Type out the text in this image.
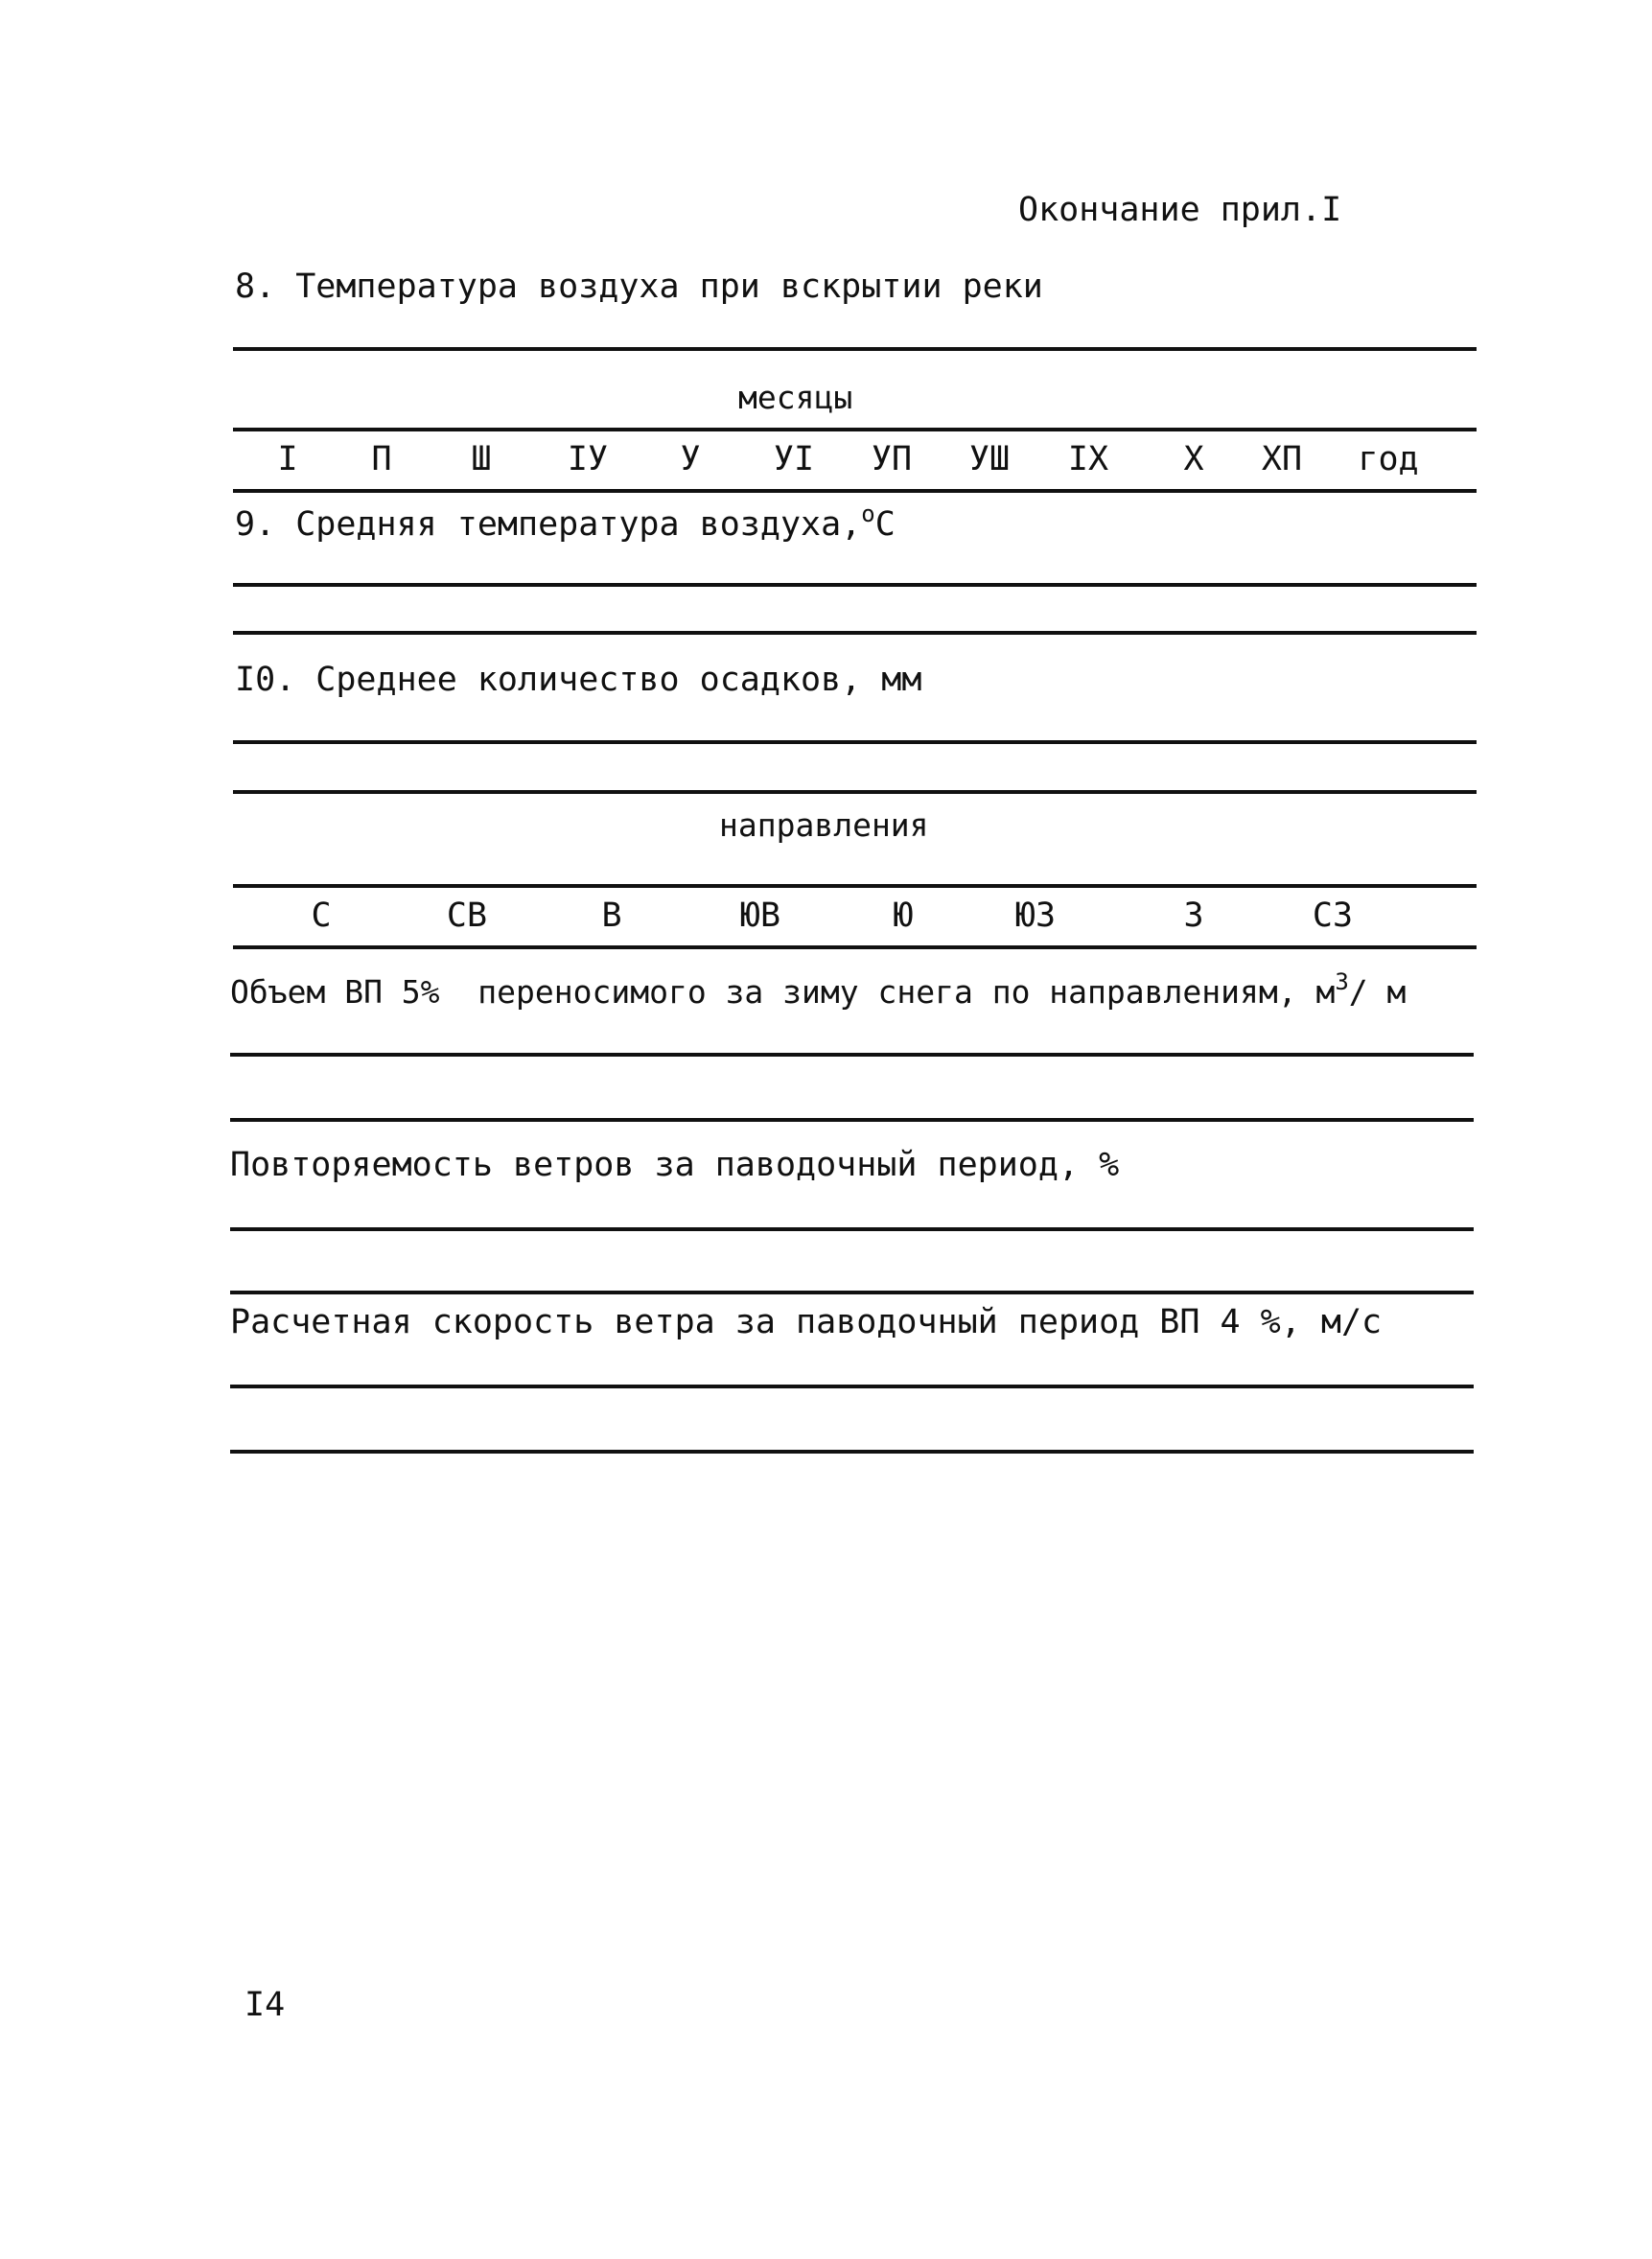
Окончание прил.I
8. Температура воздуха при вскрытии реки
месяцы
I П Ш IУ У УI УП УШ IX X ХП год
9. Средняя температура воздуха,$^о$С
I0. Среднее количество осадков, мм
направления
С	СВ	В	ЮВ	Ю	ЮЗ	З	СЗ
Объем ВП 5%  переносимого за зиму снега по направлениям, $м^3/$ м
Повторяемость ветров за паводочный период, %
Расчетная скорость ветра за паводочный период ВП 4 %, м/с
I4
